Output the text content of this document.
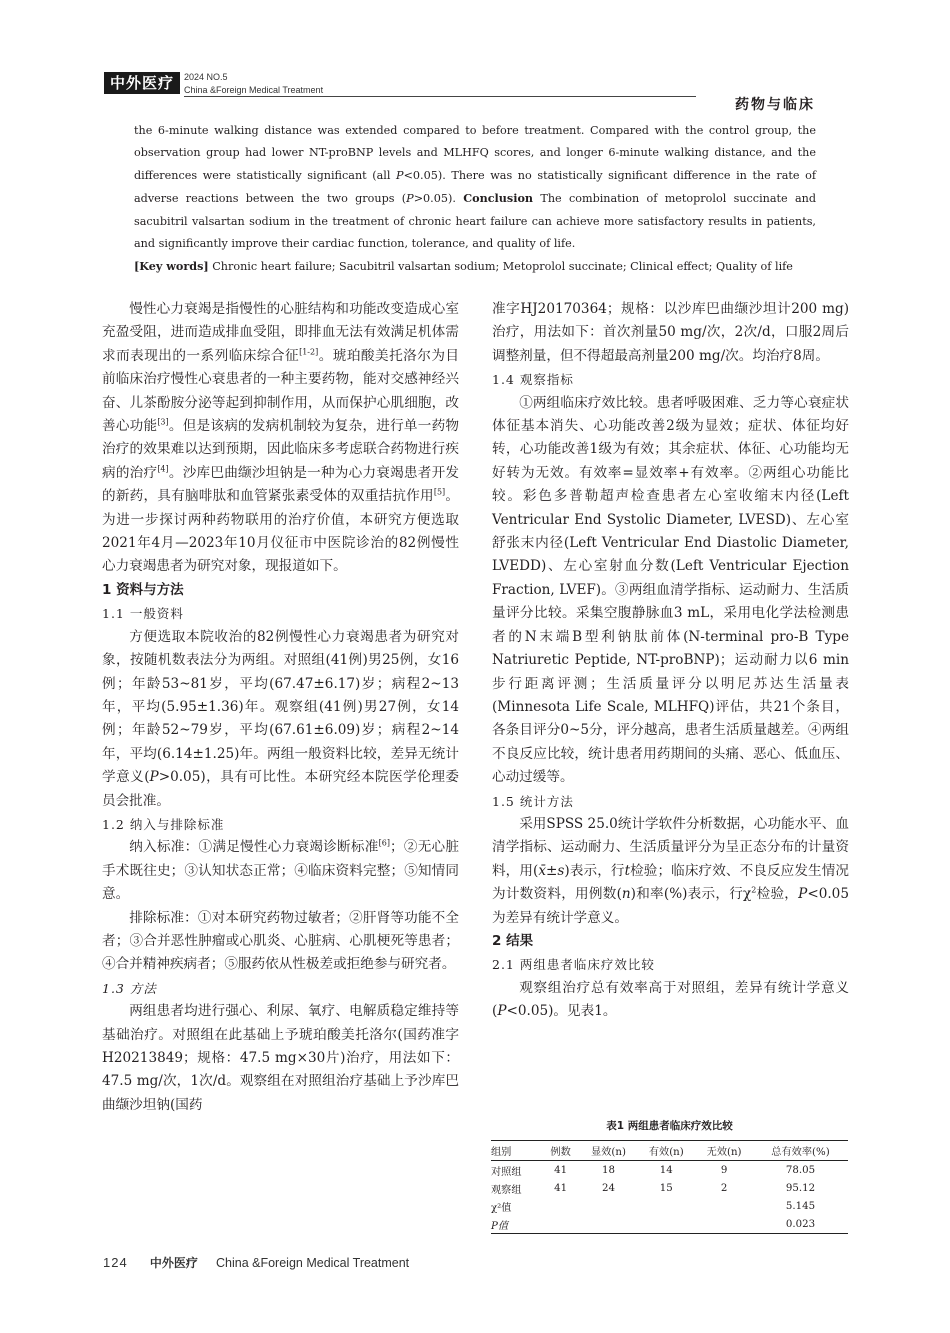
中外医疗	2024 NO.5
China &Foreign Medical Treatment
药物与临床

the 6-minute walking distance was extended compared to before treatment. Compared with the control group, the observation group had lower NT-proBNP levels and MLHFQ scores, and longer 6-minute walking distance, and the differences were statistically significant (all P<0.05). There was no statistically significant difference in the rate of adverse reactions between the two groups (P>0.05). Conclusion The combination of metoprolol succinate and sacubitril valsartan sodium in the treatment of chronic heart failure can achieve more satisfactory results in patients, and significantly improve their cardiac function, tolerance, and quality of life.

[Key words] Chronic heart failure; Sacubitril valsartan sodium; Metoprolol succinate; Clinical effect; Quality of life

慢性心力衰竭是指慢性的心脏结构和功能改变造成心室充盈受阻，进而造成排血受阻，即排血无法有效满足机体需求而表现出的一系列临床综合征[1-2]。琥珀酸美托洛尔为目前临床治疗慢性心衰患者的一种主要药物，能对交感神经兴奋、儿茶酚胺分泌等起到抑制作用，从而保护心肌细胞，改善心功能[3]。但是该病的发病机制较为复杂，进行单一药物治疗的效果难以达到预期，因此临床多考虑联合药物进行疾病的治疗[4]。沙库巴曲缬沙坦钠是一种为心力衰竭患者开发的新药，具有脑啡肽和血管紧张素受体的双重拮抗作用[5]。为进一步探讨两种药物联用的治疗价值，本研究方便选取2021年4月—2023年10月仪征市中医院诊治的82例慢性心力衰竭患者为研究对象，现报道如下。

1 资料与方法

1.1 一般资料

方便选取本院收治的82例慢性心力衰竭患者为研究对象，按随机数表法分为两组。对照组(41例)男25例，女16例；年龄53~81岁，平均(67.47±6.17)岁；病程2~13年，平均(5.95±1.36)年。观察组(41例)男27例，女14例；年龄52~79岁，平均(67.61±6.09)岁；病程2~14年，平均(6.14±1.25)年。两组一般资料比较，差异无统计学意义(P>0.05)，具有可比性。本研究经本院医学伦理委员会批准。

1.2 纳入与排除标准

纳入标准：①满足慢性心力衰竭诊断标准[6]；②无心脏手术既往史；③认知状态正常；④临床资料完整；⑤知情同意。

排除标准：①对本研究药物过敏者；②肝肾等功能不全者；③合并恶性肿瘤或心肌炎、心脏病、心肌梗死等患者；④合并精神疾病者；⑤服药依从性极差或拒绝参与研究者。

1.3 方法

两组患者均进行强心、利尿、氧疗、电解质稳定维持等基础治疗。对照组在此基础上予琥珀酸美托洛尔(国药准字H20213849；规格：47.5 mg×30片)治疗，用法如下：47.5 mg/次，1次/d。观察组在对照组治疗基础上予沙库巴曲缬沙坦钠(国药

准字HJ20170364；规格：以沙库巴曲缬沙坦计200 mg)治疗，用法如下：首次剂量50 mg/次，2次/d，口服2周后调整剂量，但不得超最高剂量200 mg/次。均治疗8周。

1.4 观察指标

①两组临床疗效比较。患者呼吸困难、乏力等心衰症状体征基本消失、心功能改善2级为显效；症状、体征均好转，心功能改善1级为有效；其余症状、体征、心功能均无好转为无效。有效率=显效率+有效率。②两组心功能比较。彩色多普勒超声检查患者左心室收缩末内径(Left Ventricular End Systolic Diameter, LVESD)、左心室舒张末内径(Left Ventricular End Diastolic Diameter, LVEDD)、左心室射血分数(Left Ventricular Ejection Fraction, LVEF)。③两组血清学指标、运动耐力、生活质量评分比较。采集空腹静脉血3 mL，采用电化学法检测患者的N末端B型利钠肽前体(N-terminal pro-B Type Natriuretic Peptide, NT-proBNP)；运动耐力以6 min步行距离评测；生活质量评分以明尼苏达生活量表(Minnesota Life Scale, MLHFQ)评估，共21个条目，各条目评分0~5分，评分越高，患者生活质量越差。④两组不良反应比较，统计患者用药期间的头痛、恶心、低血压、心动过缓等。

1.5 统计方法

采用SPSS 25.0统计学软件分析数据，心功能水平、血清学指标、运动耐力、生活质量评分为呈正态分布的计量资料，用(x̄±s)表示，行t检验；临床疗效、不良反应发生情况为计数资料，用例数(n)和率(%)表示，行$\chi^2$检验，P<0.05为差异有统计学意义。

2 结果

2.1 两组患者临床疗效比较

观察组治疗总有效率高于对照组，差异有统计学意义(P<0.05)。见表1。

表1 两组患者临床疗效比较
组别	例数	显效(n)	有效(n)	无效(n)	总有效率(%)
对照组	41	18	14	9	78.05
观察组	41	24	15	2	95.12
χ²值					5.145
P值					0.023
124 中外医疗 China &Foreign Medical Treatment
